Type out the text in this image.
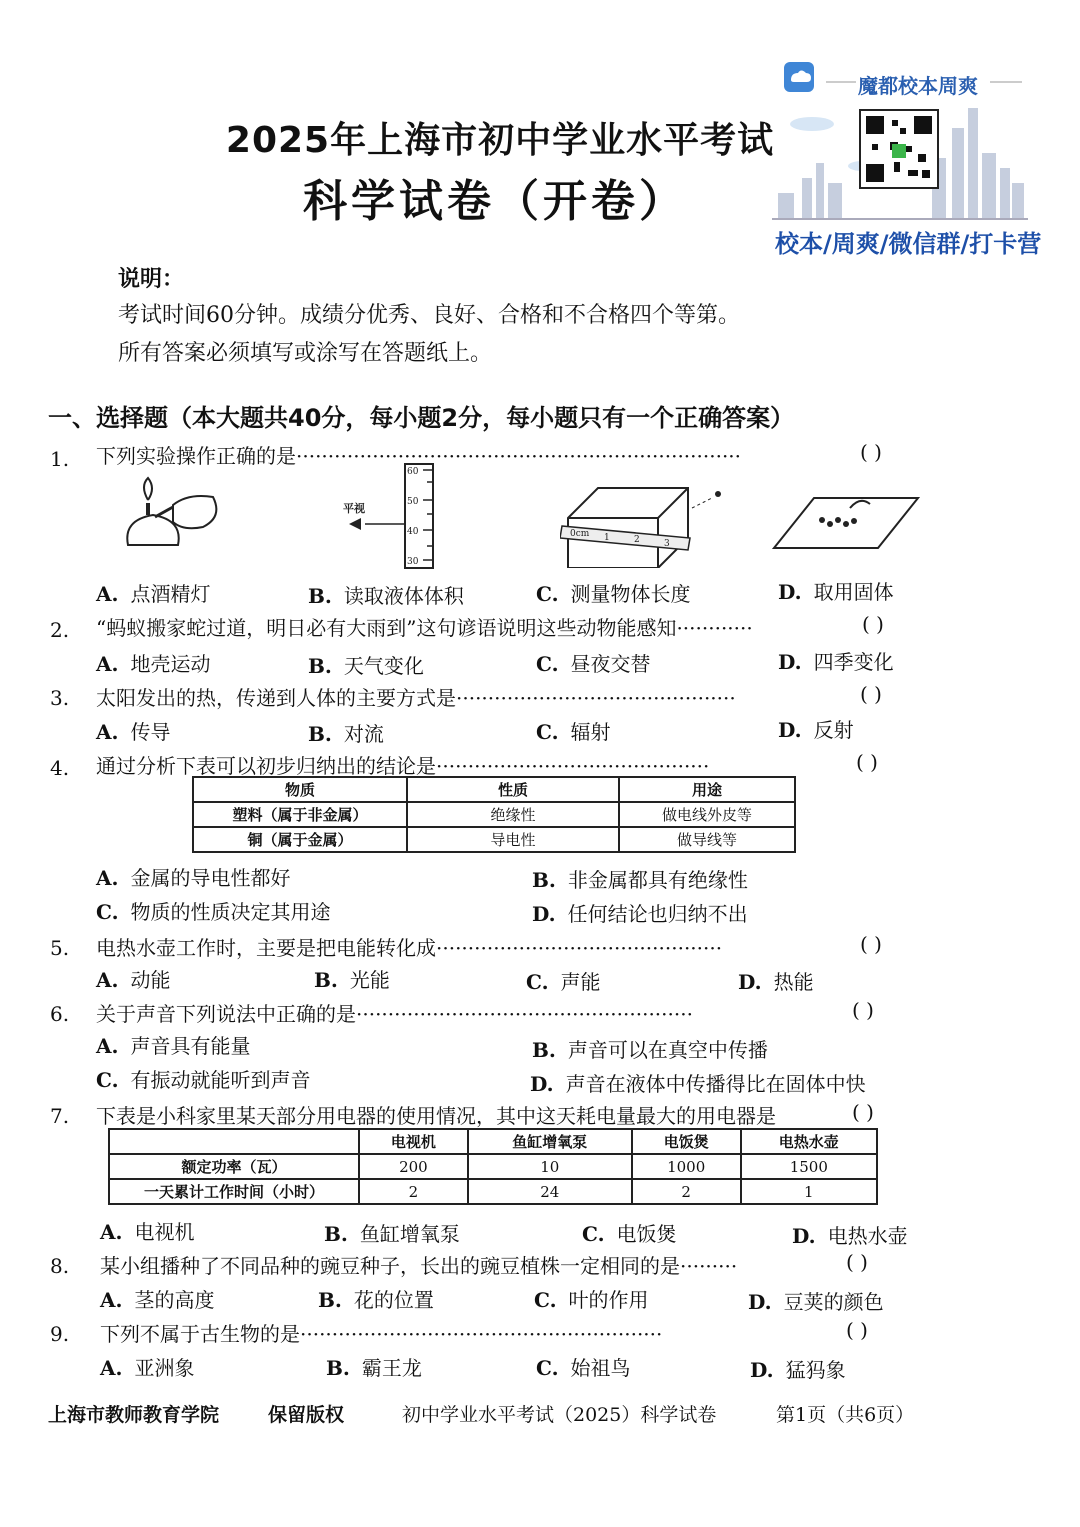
魔都校本周爽
校本/周爽/微信群/打卡营
2025年上海市初中学业水平考试
科学试卷（开卷）
说明：
考试时间60分钟。成绩分优秀、良好、合格和不合格四个等第。
所有答案必须填写或涂写在答题纸上。
一、选择题（本大题共40分，每小题2分，每小题只有一个正确答案）
1. 下列实验操作正确的是······································································	( )
60
50
40
30
平视
0cm 1	2	3
A. 点酒精灯	B. 读取液体体积	C. 测量物体长度	D. 取用固体
2. “蚂蚁搬家蛇过道，明日必有大雨到”这句谚语说明这些动物能感知············	( )
A. 地壳运动	B. 天气变化	C. 昼夜交替	D. 四季变化
3. 太阳发出的热，传递到人体的主要方式是············································	( )
A. 传导	B. 对流	C. 辐射	D. 反射
4. 通过分析下表可以初步归纳出的结论是···········································	( )
物质	性质	用途
塑料（属于非金属）	绝缘性	做电线外皮等
铜（属于金属）	导电性	做导线等
A. 金属的导电性都好	B. 非金属都具有绝缘性
C. 物质的性质决定其用途	D. 任何结论也归纳不出
5. 电热水壶工作时，主要是把电能转化成·············································	( )
A. 动能	B. 光能	C. 声能	D. 热能
6. 关于声音下列说法中正确的是·····················································	( )
A. 声音具有能量	B. 声音可以在真空中传播
C. 有振动就能听到声音	D. 声音在液体中传播得比在固体中快
7. 下表是小科家里某天部分用电器的使用情况，其中这天耗电量最大的用电器是	( )
	电视机	鱼缸增氧泵	电饭煲	电热水壶
额定功率（瓦）	200	10	1000	1500
一天累计工作时间（小时）	2	24	2	1
A. 电视机	B. 鱼缸增氧泵	C. 电饭煲	D. 电热水壶
8. 某小组播种了不同品种的豌豆种子，长出的豌豆植株一定相同的是·········	( )
A. 茎的高度	B. 花的位置	C. 叶的作用	D. 豆荚的颜色
9. 下列不属于古生物的是·························································	( )
A. 亚洲象	B. 霸王龙	C. 始祖鸟	D. 猛犸象
上海市教师教育学院	保留版权	初中学业水平考试（2025）科学试卷	第1页（共6页）
